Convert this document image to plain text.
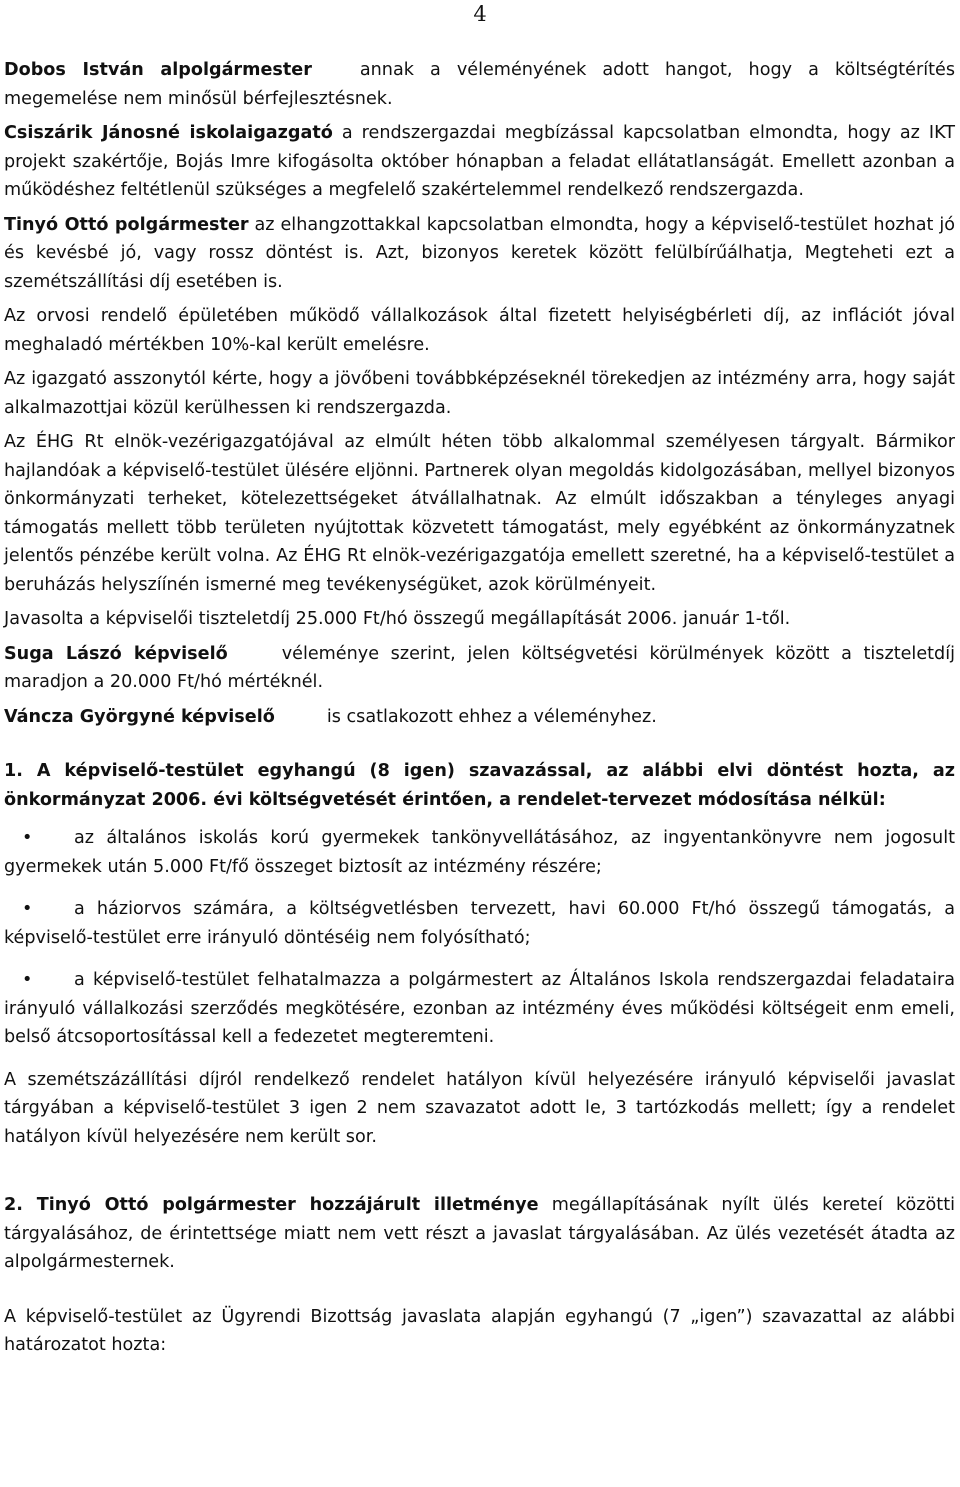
4

Dobos István alpolgármester	annak a véleményének adott hangot, hogy a költségtérítés megemelése nem minősül bérfejlesztésnek.

Csiszárik Jánosné iskolaigazgató a rendszergazdai megbízással kapcsolatban elmondta, hogy az IKT projekt szakértője, Bojás Imre kifogásolta október hónapban a feladat ellátatlanságát. Emellett azonban a működéshez feltétlenül szükséges a megfelelő szakértelemmel rendelkező rendszergazda.

Tinyó Ottó polgármester az elhangzottakkal kapcsolatban elmondta, hogy a képviselő-testület hozhat jó és kevésbé jó, vagy rossz döntést is. Azt, bizonyos keretek között felülbírűálhatja, Megteheti ezt a szemétszállítási díj esetében is.

Az orvosi rendelő épületében működő vállalkozások által fizetett helyiségbérleti díj, az inflációt jóval meghaladó mértékben 10%-kal került emelésre.

Az igazgató asszonytól kérte, hogy a jövőbeni továbbképzéseknél törekedjen az intézmény arra, hogy saját alkalmazottjai közül kerülhessen ki rendszergazda.

Az ÉHG Rt elnök-vezérigazgatójával az elmúlt héten több alkalommal személyesen tárgyalt. Bármikor hajlandóak a képviselő-testület ülésére eljönni. Partnerek olyan megoldás kidolgozásában, mellyel bizonyos önkormányzati terheket, kötelezettségeket átvállalhatnak. Az elmúlt időszakban a tényleges anyagi támogatás mellett több területen nyújtottak közvetett támogatást, mely egyébként az önkormányzatnek jelentős pénzébe került volna. Az ÉHG Rt elnök-vezérigazgatója emellett szeretné, ha a képviselő-testület a beruházás helyszíínén ismerné meg tevékenységüket, azok körülményeit.

Javasolta a képviselői tiszteletdíj 25.000 Ft/hó összegű megállapítását 2006. január 1-től.

Suga Lászó képviselő	véleménye szerint, jelen költségvetési körülmények között a tiszteletdíj maradjon a 20.000 Ft/hó mértéknél.

Váncza Györgyné képviselő	is csatlakozott ehhez a véleményhez.

1. A képviselő-testület egyhangú (8 igen) szavazással, az alábbi elvi döntést hozta, az önkormányzat 2006. évi költségvetését érintően, a rendelet-tervezet módosítása nélkül:

• az általános iskolás korú gyermekek tankönyvellátásához, az ingyentankönyvre nem jogosult gyermekek után 5.000 Ft/fő összeget biztosít az intézmény részére;

• a háziorvos számára, a költségvetlésben tervezett, havi 60.000 Ft/hó összegű támogatás, a képviselő-testület erre irányuló döntéséig nem folyósítható;

• a képviselő-testület felhatalmazza a polgármestert az Általános Iskola rendszergazdai feladataira irányuló vállalkozási szerződés megkötésére, ezonban az intézmény éves működési költségeit enm emeli, belső átcsoportosítással kell a fedezetet megteremteni.

A szemétszázállítási díjról rendelkező rendelet hatályon kívül helyezésére irányuló képviselői javaslat tárgyában a képviselő-testület 3 igen 2 nem szavazatot adott le, 3 tartózkodás mellett; így a rendelet hatályon kívül helyezésére nem került sor.

2. Tinyó Ottó polgármester hozzájárult illetménye megállapításának nyílt ülés kereteí közötti tárgyalásához, de érintettsége miatt nem vett részt a javaslat tárgyalásában. Az ülés vezetését átadta az alpolgármesternek.

A képviselő-testület az Ügyrendi Bizottság javaslata alapján egyhangú (7 „igen”) szavazattal az alábbi határozatot hozta:
